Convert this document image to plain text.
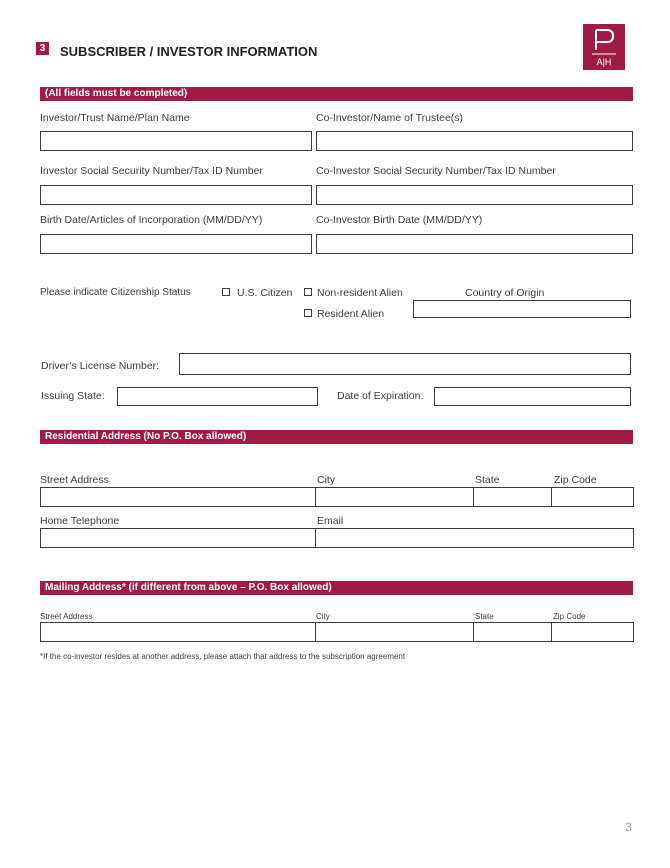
3 SUBSCRIBER / INVESTOR INFORMATION
A|H
(All fields must be completed)
Investor/Trust Name/Plan Name	Co-Investor/Name of Trustee(s)
Investor Social Security Number/Tax ID Number	Co-Investor Social Security Number/Tax ID Number
Birth Date/Articles of Incorporation (MM/DD/YY)	Co-Investor Birth Date (MM/DD/YY)
Please indicate Citizenship Status	U.S. Citizen Non-resident Alien	Country of Origin
Resident Alien
Driver’s License Number:
Issuing State:	Date of Expiration:
Residential Address (No P.O. Box allowed)
Street Address	City	State	Zip Code
Home Telephone	Email
Mailing Address* (if different from above – P.O. Box allowed)
Street Address	City	State	Zip Code
*If the co-investor resides at another address, please attach that address to the subscription agreement
3
